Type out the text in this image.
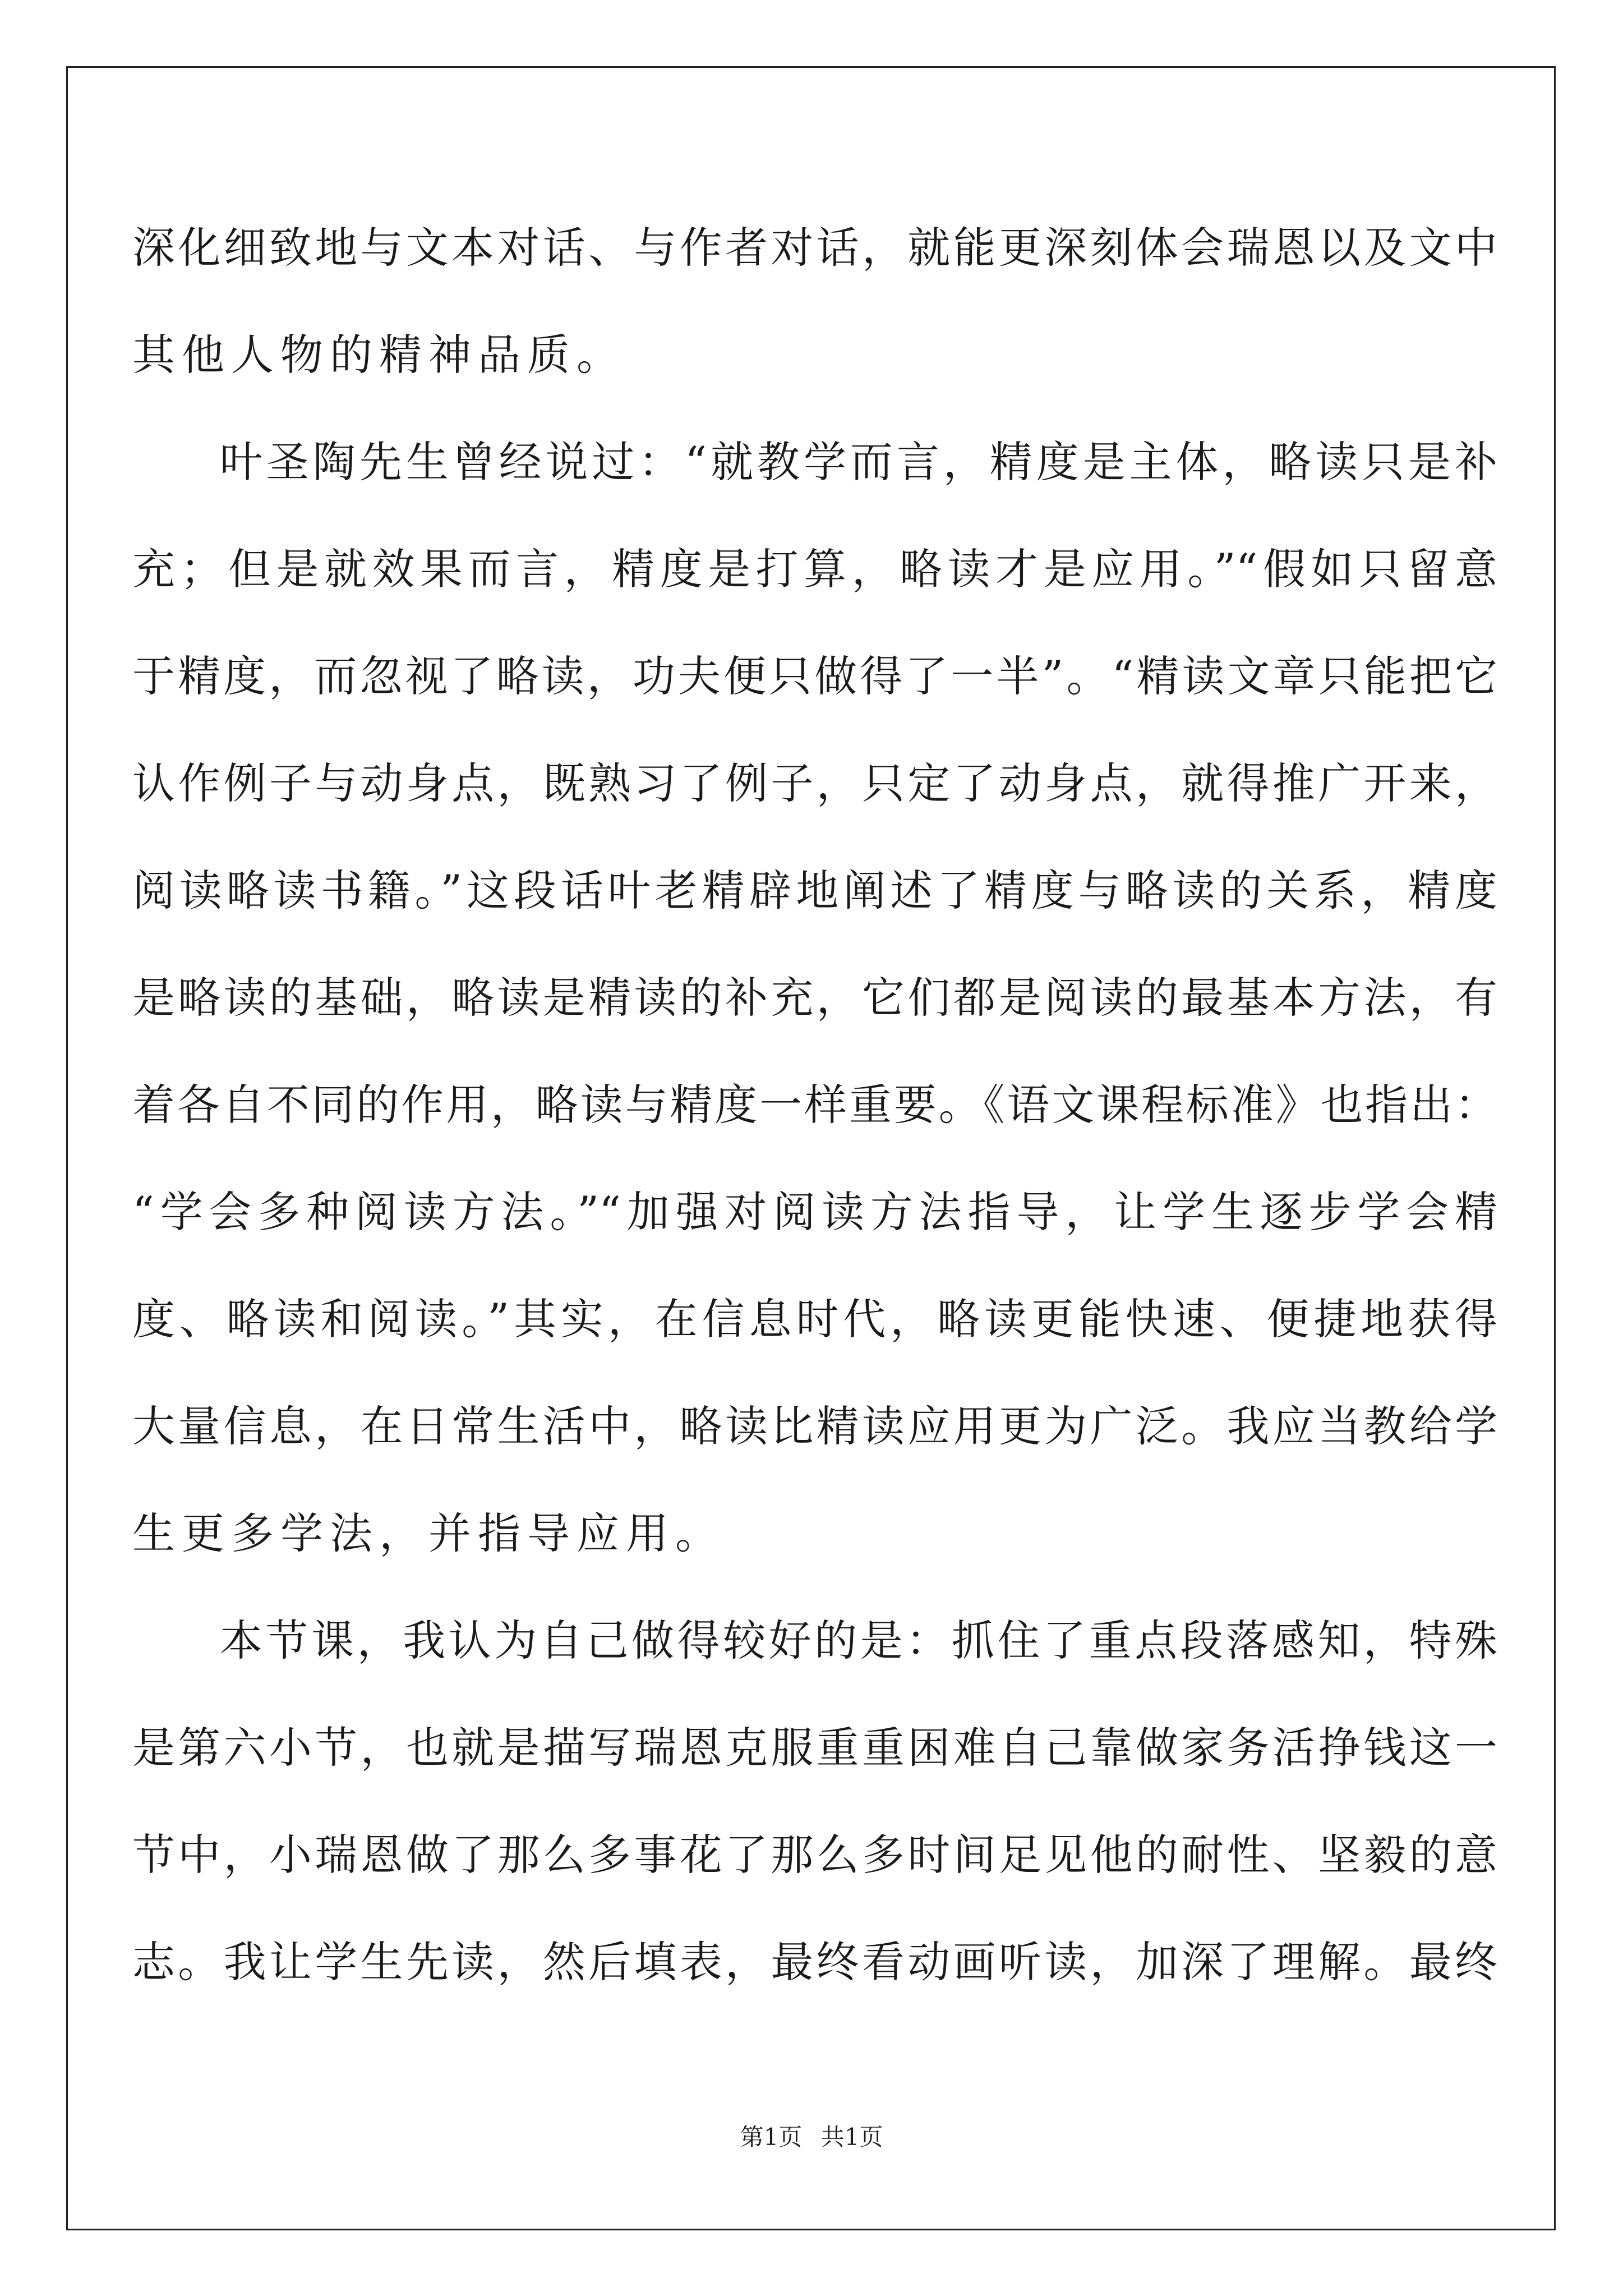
深化细致地与文本对话、与作者对话，就能更深刻体会瑞恩以及文中
其他人物的精神品质。
叶圣陶先生曾经说过：“就教学而言，精度是主体，略读只是补
充；但是就效果而言，精度是打算，略读才是应用。”“假如只留意
于精度，而忽视了略读，功夫便只做得了一半”。“精读文章只能把它
认作例子与动身点，既熟习了例子，只定了动身点，就得推广开来，
阅读略读书籍。”这段话叶老精辟地阐述了精度与略读的关系，精度
是略读的基础，略读是精读的补充，它们都是阅读的最基本方法，有
着各自不同的作用，略读与精度一样重要。《语文课程标准》也指出：
“学会多种阅读方法。”“加强对阅读方法指导，让学生逐步学会精
度、略读和阅读。”其实，在信息时代，略读更能快速、便捷地获得
大量信息，在日常生活中，略读比精读应用更为广泛。我应当教给学
生更多学法，并指导应用。
本节课，我认为自己做得较好的是：抓住了重点段落感知，特殊
是第六小节，也就是描写瑞恩克服重重困难自己靠做家务活挣钱这一
节中，小瑞恩做了那么多事花了那么多时间足见他的耐性、坚毅的意
志。我让学生先读，然后填表，最终看动画听读，加深了理解。最终
第1页 共1页
